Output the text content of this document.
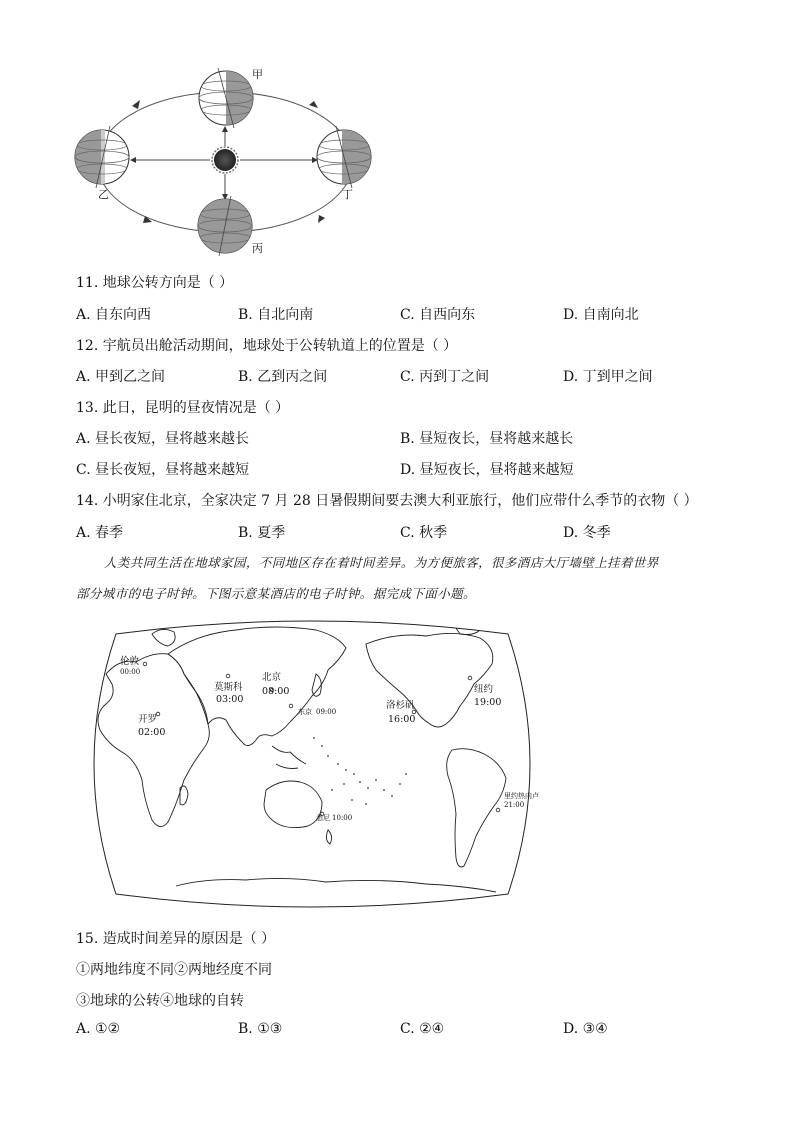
甲
乙
丙
丁
11. 地球公转方向是（ ）
A. 自东向西	B. 自北向南	C. 自西向东	D. 自南向北
12. 宇航员出舱活动期间，地球处于公转轨道上的位置是（ ）
A. 甲到乙之间	B. 乙到丙之间	C. 丙到丁之间	D. 丁到甲之间
13. 此日，昆明的昼夜情况是（ ）
A. 昼长夜短，昼将越来越长	B. 昼短夜长，昼将越来越长
C. 昼长夜短，昼将越来越短	D. 昼短夜长，昼将越来越短
14. 小明家住北京，全家决定 7 月 28 日暑假期间要去澳大利亚旅行，他们应带什么季节的衣物（ ）
A. 春季	B. 夏季	C. 秋季	D. 冬季
人类共同生活在地球家园，不同地区存在着时间差异。为方便旅客，很多酒店大厅墙壁上挂着世界
部分城市的电子时钟。下图示意某酒店的电子时钟。据完成下面小题。
伦敦
00:00
莫斯科
03:00
北京
08:00
开罗
02:00
东京 09:00
洛杉矶
16:00
纽约
19:00
里约热内卢
21:00
悉尼 10:00
15. 造成时间差异的原因是（ ）
①两地纬度不同②两地经度不同
③地球的公转④地球的自转
A. ①②	B. ①③	C. ②④	D. ③④
